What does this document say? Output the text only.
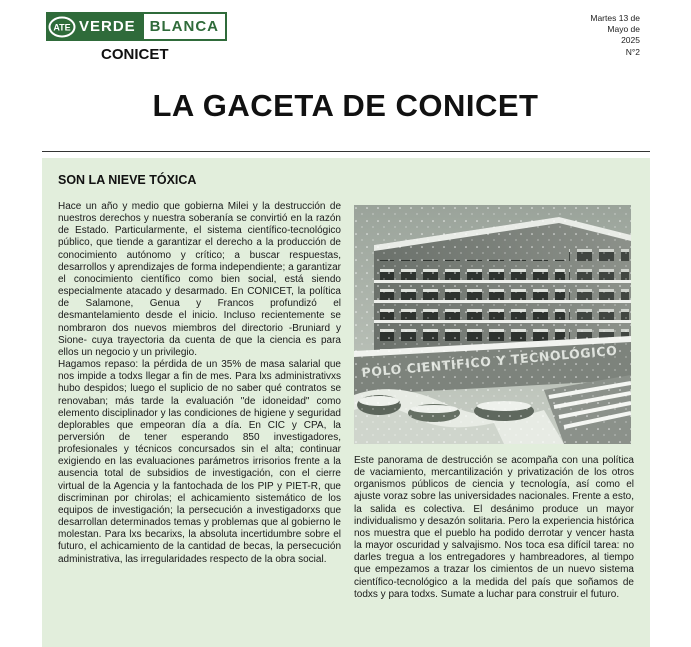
ATE VERDE BLANCA
CONICET
Martes 13 de
Mayo de
2025
N°2
LA GACETA DE CONICET
SON LA NIEVE TÓXICA

Hace un año y medio que gobierna Milei y la destrucción de nuestros derechos y nuestra soberanía se convirtió en la razón de Estado. Particularmente, el sistema científico-tecnológico público, que tiende a garantizar el derecho a la producción de conocimiento autónomo y crítico; a buscar respuestas, desarrollos y aprendizajes de forma independiente; a garantizar el conocimiento científico como bien social, está siendo especialmente atacado y desarmado. En CONICET, la política de Salamone, Genua y Francos profundizó el desmantelamiento desde el inicio. Incluso recientemente se nombraron dos nuevos miembros del directorio -Bruniard y Sione- cuya trayectoria da cuenta de que la ciencia es para ellos un negocio y un privilegio.

Hagamos repaso: la pérdida de un 35% de masa salarial que nos impide a todxs llegar a fin de mes. Para lxs administrativxs hubo despidos; luego el suplicio de no saber qué contratos se renovaban; más tarde la evaluación "de idoneidad" como elemento disciplinador y las condiciones de higiene y seguridad deplorables que empeoran día a día. En CIC y CPA, la perversión de tener esperando 850 investigadores, profesionales y técnicos concursados sin el alta; continuar exigiendo en las evaluaciones parámetros irrisorios frente a la ausencia total de subsidios de investigación, con el cierre virtual de la Agencia y la fantochada de los PIP y PIET-R, que discriminan por chirolas; el achicamiento sistemático de los equipos de investigación; la persecución a investigadorxs que desarrollan determinados temas y problemas que al gobierno le molestan. Para lxs becarixs, la absoluta incertidumbre sobre el futuro, el achicamiento de la cantidad de becas, la persecución administrativa, las irregularidades respecto de la obra social.

Este panorama de destrucción se acompaña con una política de vaciamiento, mercantilización y privatización de los otros organismos públicos de ciencia y tecnología, así como el ajuste voraz sobre las universidades nacionales. Frente a esto, la salida es colectiva. El desánimo produce un mayor individualismo y desazón solitaria. Pero la experiencia histórica nos muestra que el pueblo ha podido derrotar y vencer hasta la mayor oscuridad y salvajismo. Nos toca esa difícil tarea: no darles tregua a los entregadores y hambreadores, al tiempo que empezamos a trazar los cimientos de un nuevo sistema científico-tecnológico a la medida del país que soñamos de todxs y para todxs. Sumate a luchar para construir el futuro.
